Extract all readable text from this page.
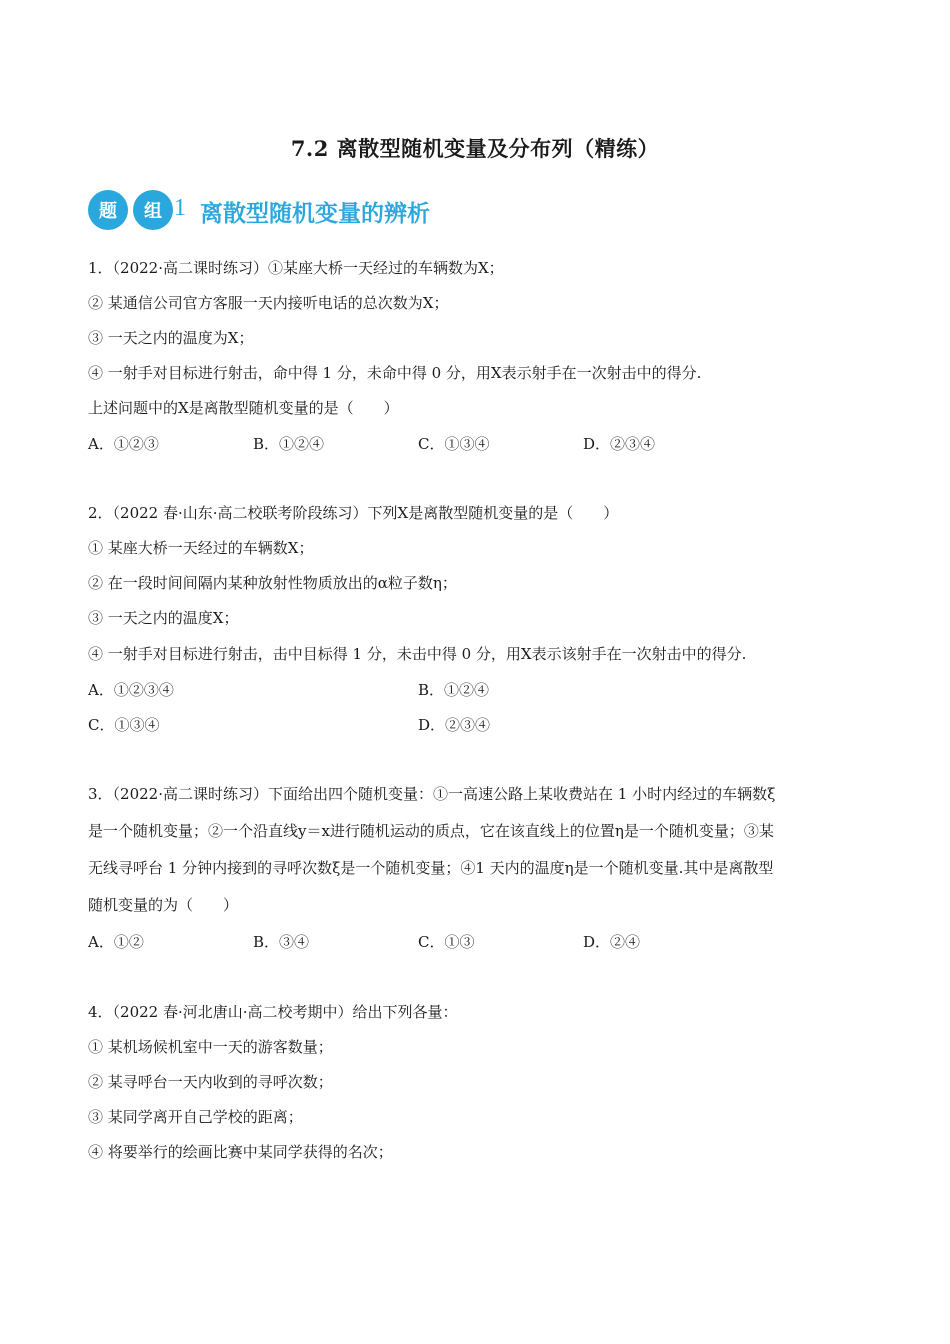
7.2 离散型随机变量及分布列（精练）
题	组 1 离散型随机变量的辨析
1．（2022·高二课时练习）①某座大桥一天经过的车辆数为X；
② 某通信公司官方客服一天内接听电话的总次数为X；
③ 一天之内的温度为X；
④ 一射手对目标进行射击，命中得 1 分，未命中得 0 分，用X表示射手在一次射击中的得分.
上述问题中的X是离散型随机变量的是（　　）
A．①②③	B．①②④	C．①③④	D．②③④
2．（2022 春·山东·高二校联考阶段练习）下列X是离散型随机变量的是（　　）
① 某座大桥一天经过的车辆数X；
② 在一段时间间隔内某种放射性物质放出的α粒子数η；
③ 一天之内的温度X；
④ 一射手对目标进行射击，击中目标得 1 分，未击中得 0 分，用X表示该射手在一次射击中的得分.
A．①②③④	B．①②④
C．①③④	D．②③④
3．（2022·高二课时练习）下面给出四个随机变量：①一高速公路上某收费站在 1 小时内经过的车辆数ξ
是一个随机变量；②一个沿直线y＝x进行随机运动的质点，它在该直线上的位置η是一个随机变量；③某
无线寻呼台 1 分钟内接到的寻呼次数ξ是一个随机变量；④1 天内的温度η是一个随机变量.其中是离散型
随机变量的为（　　）
A．①②	B．③④	C．①③	D．②④
4．（2022 春·河北唐山·高二校考期中）给出下列各量：
① 某机场候机室中一天的游客数量；
② 某寻呼台一天内收到的寻呼次数；
③ 某同学离开自己学校的距离；
④ 将要举行的绘画比赛中某同学获得的名次；
